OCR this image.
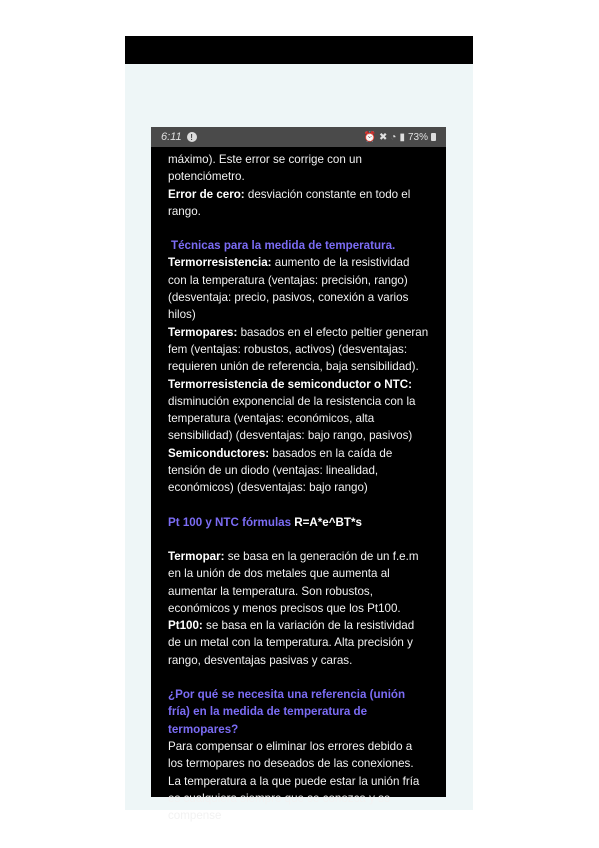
6:11	!	⏰ ✖ ◔ ▮ 73%

máximo). Este error se corrige con un potenciómetro.

Error de cero: desviación constante en todo el rango.

Técnicas para la medida de temperatura.

Termorresistencia: aumento de la resistividad con la temperatura (ventajas: precisión, rango) (desventaja: precio, pasivos, conexión a varios hilos)

Termopares: basados en el efecto peltier generan fem (ventajas: robustos, activos) (desventajas: requieren unión de referencia, baja sensibilidad).

Termorresistencia de semiconductor o NTC: disminución exponencial de la resistencia con la temperatura (ventajas: económicos, alta sensibilidad) (desventajas: bajo rango, pasivos)

Semiconductores: basados en la caída de tensión de un diodo (ventajas: linealidad, económicos) (desventajas: bajo rango)

Pt 100 y NTC fórmulas R=A*e^BT*s

Termopar: se basa en la generación de un f.e.m en la unión de dos metales que aumenta al aumentar la temperatura. Son robustos, económicos y menos precisos que los Pt100.

Pt100: se basa en la variación de la resistividad de un metal con la temperatura. Alta precisión y rango, desventajas pasivas y caras.

¿Por qué se necesita una referencia (unión fría) en la medida de temperatura de termopares?

Para compensar o eliminar los errores debido a los termopares no deseados de las conexiones. La temperatura a la que puede estar la unión fría es cualquiera siempre que se conozca y se compense
